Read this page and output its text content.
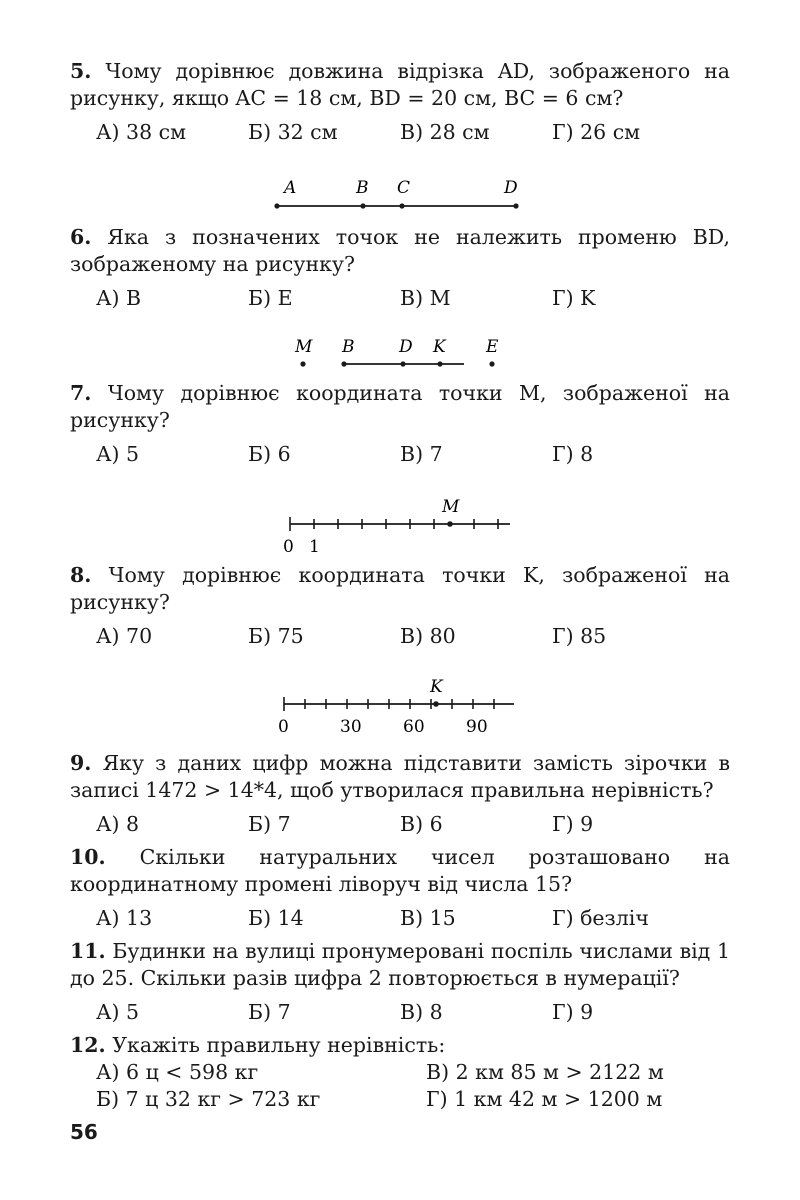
5. Чому дорівнює довжина відрізка AD, зображеного на рисунку, якщо AC = 18 см, BD = 20 см, BC = 6 см?

А) 38 см	Б) 32 см	В) 28 см	Г) 26 см
A	B C	D

6. Яка з позначених точок не належить променю BD, зображеному на рисунку?

А) B	Б) E	В) M	Г) K
M B	D K E

7. Чому дорівнює координата точки M, зображеної на рисунку?

А) 5	Б) 6	В) 7	Г) 8
M
0 1

8. Чому дорівнює координата точки K, зображеної на рисунку?

А) 70	Б) 75	В) 80	Г) 85
K
0	30 60 90

9. Яку з даних цифр можна підставити замість зірочки в записі 1472 > 14*4, щоб утворилася правильна нерівність?

А) 8	Б) 7	В) 6	Г) 9

10. Скільки натуральних чисел розташовано на координатному промені ліворуч від числа 15?

А) 13	Б) 14	В) 15	Г) безліч

11. Будинки на вулиці пронумеровані поспіль числами від 1 до 25. Скільки разів цифра 2 повторюється в нумерації?

А) 5	Б) 7	В) 8	Г) 9

12. Укажіть правильну нерівність:

А) 6 ц < 598 кг	В) 2 км 85 м > 2122 м
Б) 7 ц 32 кг > 723 кг	Г) 1 км 42 м > 1200 м
56
